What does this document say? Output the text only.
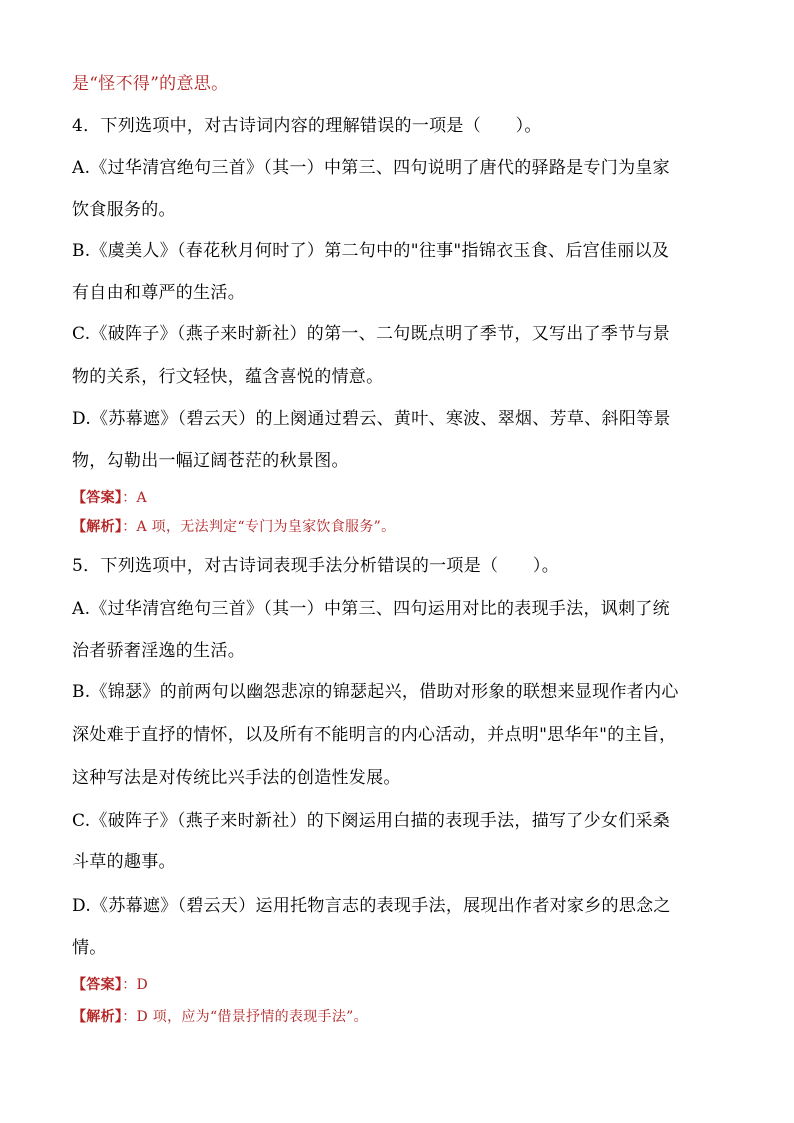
是“怪不得”的意思。
4．下列选项中，对古诗词内容的理解错误的一项是（　　）。
A.《过华清宫绝句三首》（其一）中第三、四句说明了唐代的驿路是专门为皇家
饮食服务的。
B.《虞美人》（春花秋月何时了）第二句中的"往事"指锦衣玉食、后宫佳丽以及
有自由和尊严的生活。
C.《破阵子》（燕子来时新社）的第一、二句既点明了季节，又写出了季节与景
物的关系，行文轻快，蕴含喜悦的情意。
D.《苏幕遮》（碧云天）的上阕通过碧云、黄叶、寒波、翠烟、芳草、斜阳等景
物，勾勒出一幅辽阔苍茫的秋景图。
【答案】：A
【解析】：A 项，无法判定“专门为皇家饮食服务”。
5．下列选项中，对古诗词表现手法分析错误的一项是（　　）。
A.《过华清宫绝句三首》（其一）中第三、四句运用对比的表现手法，讽刺了统
治者骄奢淫逸的生活。
B.《锦瑟》的前两句以幽怨悲凉的锦瑟起兴，借助对形象的联想来显现作者内心
深处难于直抒的情怀，以及所有不能明言的内心活动，并点明"思华年"的主旨，
这种写法是对传统比兴手法的创造性发展。
C.《破阵子》（燕子来时新社）的下阕运用白描的表现手法，描写了少女们采桑
斗草的趣事。
D.《苏幕遮》（碧云天）运用托物言志的表现手法，展现出作者对家乡的思念之
情。
【答案】：D
【解析】：D 项，应为“借景抒情的表现手法”。
